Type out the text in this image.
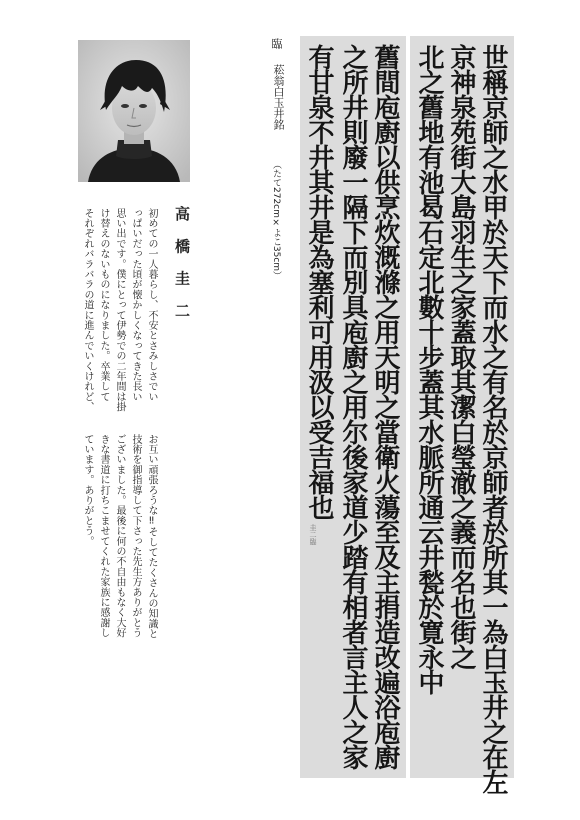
世稱京師之水甲於天下而水之有名於京師者於所其一為白玉井之在左
京神泉苑街大島羽生之家蓋取其潔白瑩澈之義而名也街之
北之舊地有池曷石定北數十步蓋其水脈所通云井甃於寛永中
舊間庖廚以供烹炊溉滌之用天明之當衛火蕩至及主捐造改遍浴庖廚
之所井則廢一隔下而別具庖廚之用尔後家道少踏有相者言主人之家
有甘泉不井其井是為塞利可用汲以受吉福也
圭二臨
臨
菘翁白玉井銘
（たて272cm×よこ35cm）
高 橋 圭 二
初めての一人暮らし、不安とさみしさでい
っぱいだった頃が懐かしくなってきた長い
思い出です。僕にとって伊勢での二年間は掛
け替えのないものになりました。卒業して
それぞれバラバラの道に進んでいくけれど、
お互い頑張ろうな‼そしてたくさんの知識と
技術を御指導して下さった先生方ありがとう
ございました。最後に何の不自由もなく大好
きな書道に打ちこませてくれた家族に感謝し
ています。ありがとう。
